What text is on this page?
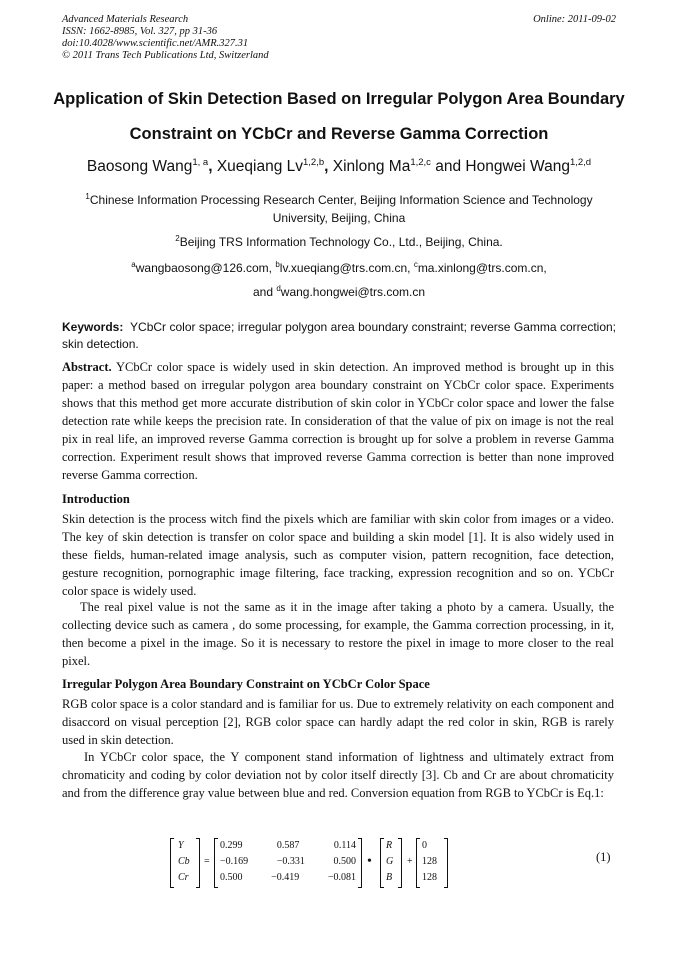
Advanced Materials Research
ISSN: 1662-8985, Vol. 327, pp 31-36
doi:10.4028/www.scientific.net/AMR.327.31
© 2011 Trans Tech Publications Ltd, Switzerland
Online: 2011-09-02
Application of Skin Detection Based on Irregular Polygon Area Boundary
Constraint on YCbCr and Reverse Gamma Correction
Baosong Wang$^{1, a}$, Xueqiang Lv$^{1,2,b}$, Xinlong Ma$^{1,2,c}$ and Hongwei Wang$^{1,2,d}$
$^1$Chinese Information Processing Research Center, Beijing Information Science and Technology
University, Beijing, China
$^2$Beijing TRS Information Technology Co., Ltd., Beijing, China.
$^a$wangbaosong@126.com, $^b$lv.xueqiang@trs.com.cn, $^c$ma.xinlong@trs.com.cn,
and $^d$wang.hongwei@trs.com.cn
Keywords: YCbCr color space; irregular polygon area boundary constraint; reverse Gamma correction; skin detection.
Abstract. YCbCr color space is widely used in skin detection. An improved method is brought up in this paper: a method based on irregular polygon area boundary constraint on YCbCr color space. Experiments shows that this method get more accurate distribution of skin color in YCbCr color space and lower the false detection rate while keeps the precision rate. In consideration of that the value of pix on image is not the real pix in real life, an improved reverse Gamma correction is brought up for solve a problem in reverse Gamma correction. Experiment result shows that improved reverse Gamma correction is better than none improved reverse Gamma correction.
Introduction
Skin detection is the process witch find the pixels which are familiar with skin color from images or a video. The key of skin detection is transfer on color space and building a skin model [1]. It is also widely used in these fields, human-related image analysis, such as computer vision, pattern recognition, face detection, gesture recognition, pornographic image filtering, face tracking, expression recognition and so on. YCbCr color space is widely used.
The real pixel value is not the same as it in the image after taking a photo by a camera. Usually, the collecting device such as camera , do some processing, for example, the Gamma correction processing, in it, then become a pixel in the image. So it is necessary to restore the pixel in image to more closer to the real pixel.
Irregular Polygon Area Boundary Constraint on YCbCr Color Space
RGB color space is a color standard and is familiar for us. Due to extremely relativity on each component and disaccord on visual perception [2], RGB color space can hardly adapt the red color in skin, RGB is rarely used in skin detection.
In YCbCr color space, the Y component stand information of lightness and ultimately extract from chromaticity and coding by color deviation not by color itself directly [3]. Cb and Cr are about chromaticity and from the difference gray value between blue and red. Conversion equation from RGB to YCbCr is Eq.1:
Y
Cb
Cr
=
0.299	0.587	0.114
−0.169	−0.331	0.500
0.500	−0.419	−0.081
•
R
G
B
+
0
128
128
(1)
